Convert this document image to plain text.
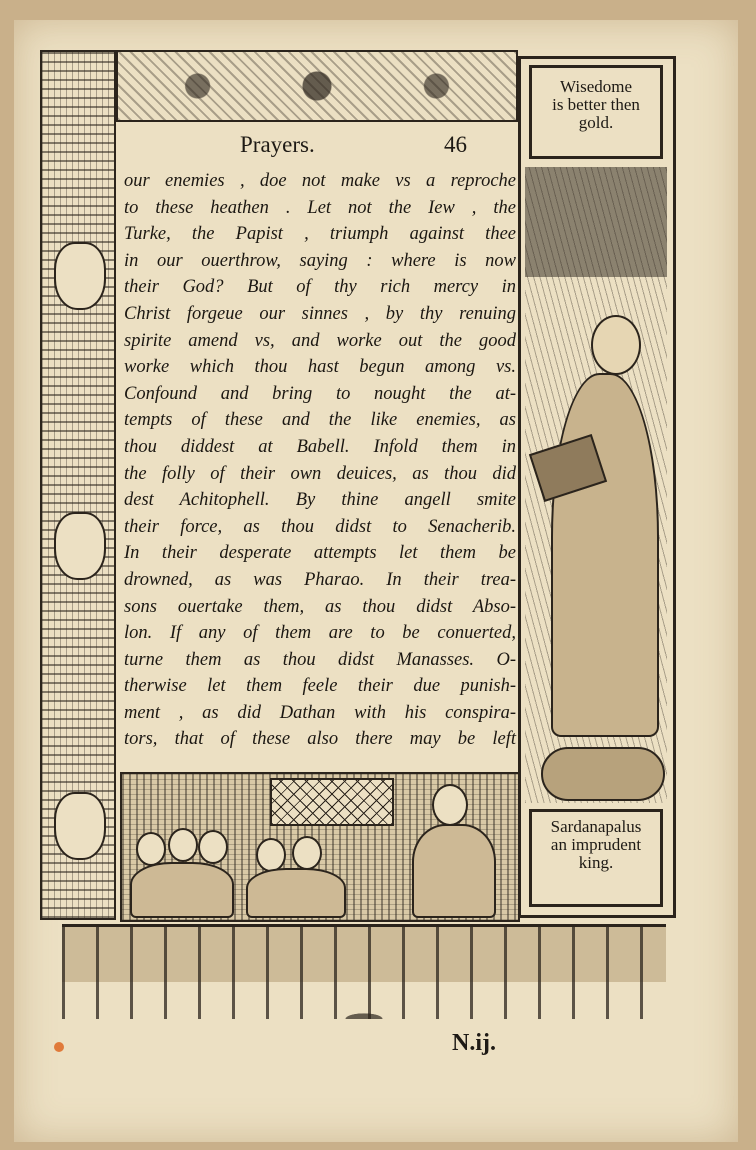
Prayers.	46
our enemies , doe not make vs a reproche
to these heathen . Let not the Iew , the
Turke, the Papist , triumph against thee
in our ouerthrow, saying : where is now
their God? But of thy rich mercy in
Christ forgeue our sinnes , by thy renuing
spirite amend vs, and worke out the good
worke which thou hast begun among vs.
Confound and bring to nought the at-
tempts of these and the like enemies, as
thou diddest at Babell. Infold them in
the folly of their own deuices, as thou did
dest Achitophell. By thine angell smite
their force, as thou didst to Senacherib.
In their desperate attempts let them be
drowned, as was Pharao. In their trea-
sons ouertake them, as thou didst Abso-
lon. If any of them are to be conuerted,
turne them as thou didst Manasses. O-
therwise let them feele their due punish-
ment , as did Dathan with his conspira-
tors, that of these also there may be left
Wisedome
is better then
gold.
Sardanapalus
an imprudent
king.
N.ij.
